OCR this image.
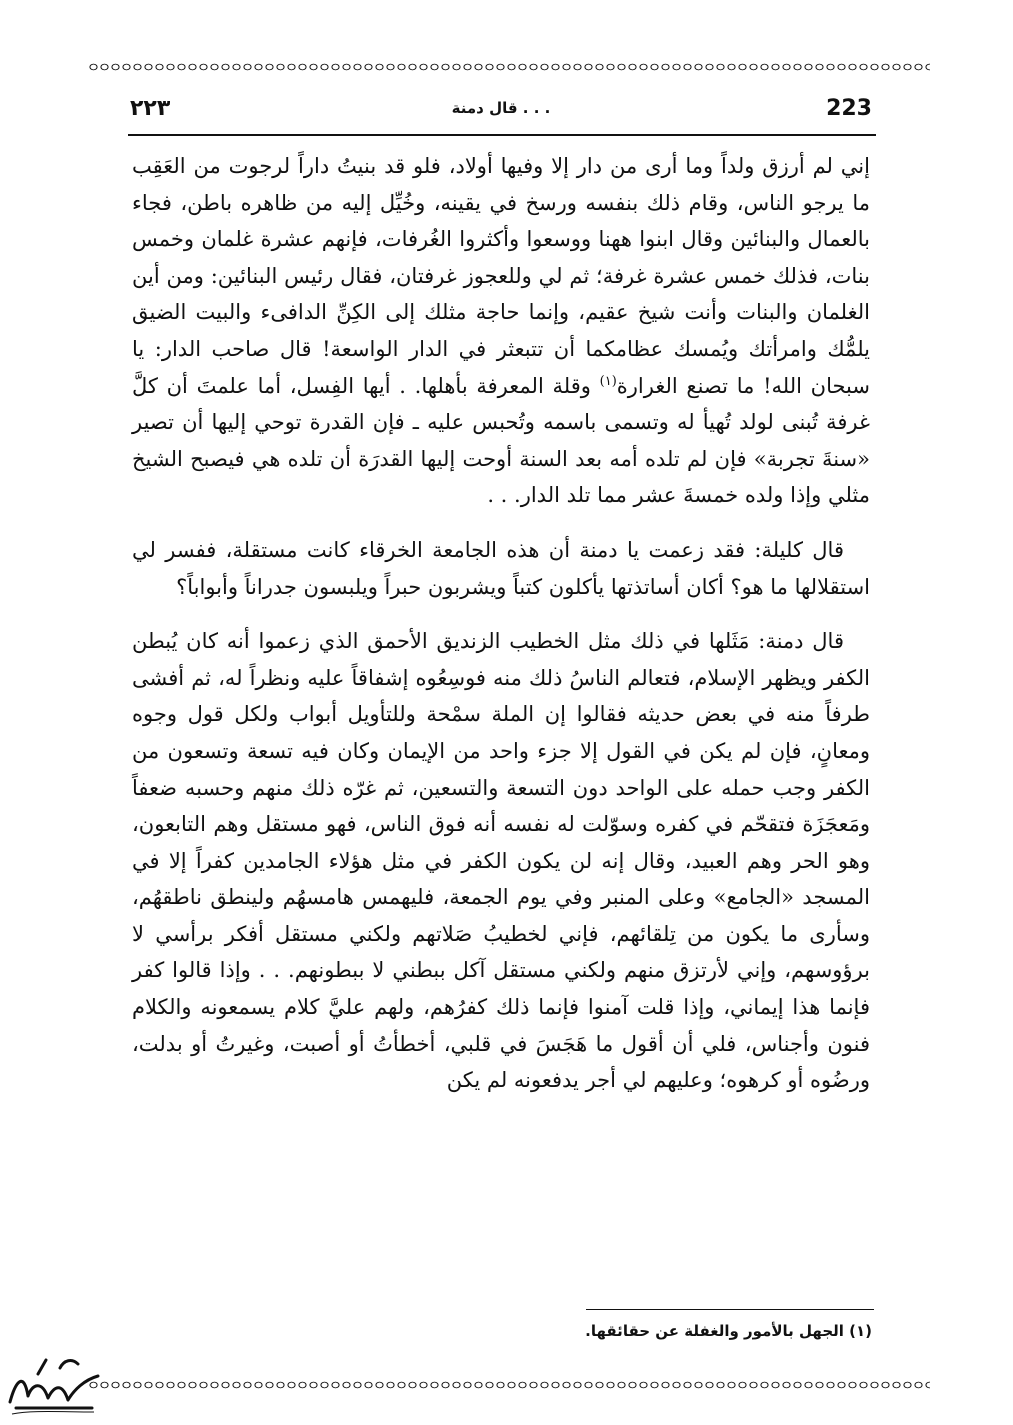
223
قال دمنة . . .
٢٢٣

إني لم أرزق ولداً وما أرى من دار إلا وفيها أولاد، فلو قد بنيتُ داراً لرجوت من العَقِب ما يرجو الناس، وقام ذلك بنفسه ورسخ في يقينه، وخُيِّل إليه من ظاهره باطن، فجاء بالعمال والبنائين وقال ابنوا ههنا ووسعوا وأكثروا الغُرفات، فإنهم عشرة غلمان وخمس بنات، فذلك خمس عشرة غرفة؛ ثم لي وللعجوز غرفتان، فقال رئيس البنائين: ومن أين الغلمان والبنات وأنت شيخ عقيم، وإنما حاجة مثلك إلى الكِنِّ الدافىء والبيت الضيق يلمُّك وامرأتك ويُمسك عظامكما أن تتبعثر في الدار الواسعة! قال صاحب الدار: يا سبحان الله! ما تصنع الغرارة$^{(١)}$ وقلة المعرفة بأهلها. . أيها الفِسل، أما علمتَ أن كلَّ غرفة تُبنى لولد تُهيأ له وتسمى باسمه وتُحبس عليه ـ فإن القدرة توحي إليها أن تصير «سنةَ تجربة» فإن لم تلده أمه بعد السنة أوحت إليها القدرَة أن تلده هي فيصبح الشيخ مثلي وإذا ولده خمسةَ عشر مما تلد الدار. . .

قال كليلة: فقد زعمت يا دمنة أن هذه الجامعة الخرقاء كانت مستقلة، ففسر لي استقلالها ما هو؟ أكان أساتذتها يأكلون كتباً ويشربون حبراً ويلبسون جدراناً وأبواباً؟

قال دمنة: مَثَلها في ذلك مثل الخطيب الزنديق الأحمق الذي زعموا أنه كان يُبطن الكفر ويظهر الإسلام، فتعالم الناسُ ذلك منه فوسِعُوه إشفاقاً عليه ونظراً له، ثم أفشى طرفاً منه في بعض حديثه فقالوا إن الملة سمْحة وللتأويل أبواب ولكل قول وجوه ومعانٍ، فإن لم يكن في القول إلا جزء واحد من الإيمان وكان فيه تسعة وتسعون من الكفر وجب حمله على الواحد دون التسعة والتسعين، ثم غرّه ذلك منهم وحسبه ضعفاً ومَعجَزَة فتقحّم في كفره وسوّلت له نفسه أنه فوق الناس، فهو مستقل وهم التابعون، وهو الحر وهم العبيد، وقال إنه لن يكون الكفر في مثل هؤلاء الجامدين كفراً إلا في المسجد «الجامع» وعلى المنبر وفي يوم الجمعة، فليهمس هامسهُم ولينطق ناطقهُم، وسأرى ما يكون من تِلقائهم، فإني لخطيبُ صَلاتهم ولكني مستقل أفكر برأسي لا برؤوسهم، وإني لأرتزق منهم ولكني مستقل آكل ببطني لا ببطونهم. . . وإذا قالوا كفر فإنما هذا إيماني، وإذا قلت آمنوا فإنما ذلك كفرُهم، ولهم عليَّ كلام يسمعونه والكلام فنون وأجناس، فلي أن أقول ما هَجَسَ في قلبي، أخطأتُ أو أصبت، وغيرتُ أو بدلت، ورضُوه أو كرهوه؛ وعليهم لي أجر يدفعونه لم يكن

(١) الجهل بالأمور والغفلة عن حقائقها.
